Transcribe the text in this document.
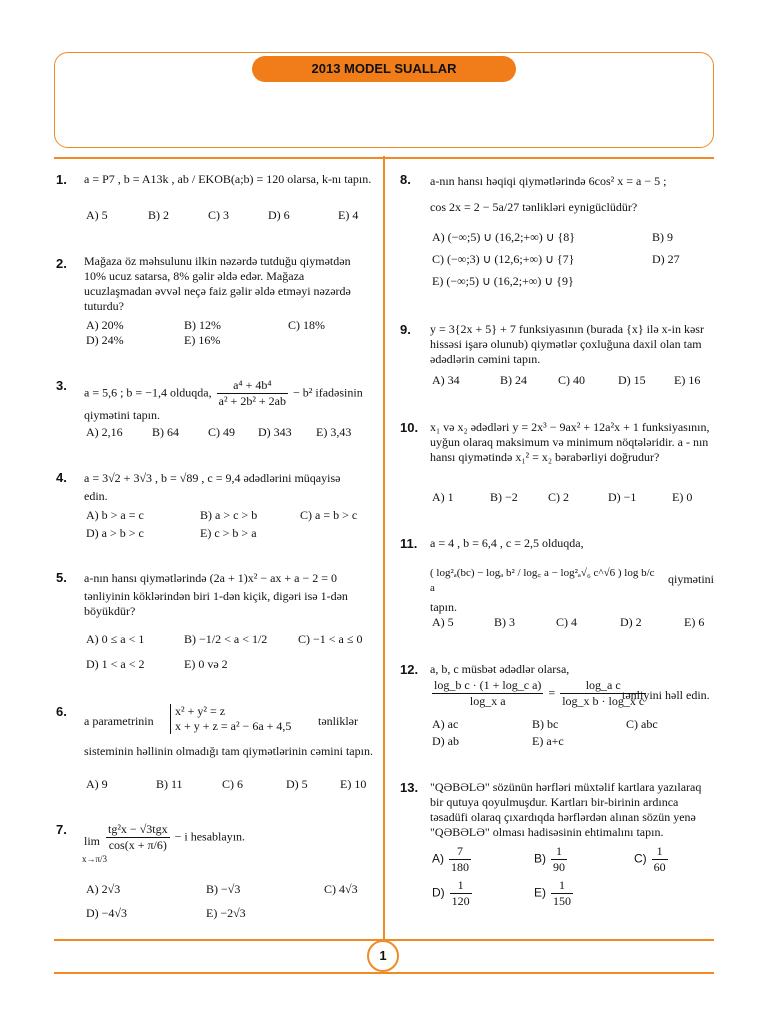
2013 MODEL SUALLAR
1
1. a = P7 , b = A13k , ab / EKOB(a;b) = 120 olarsa, k-nı tapın.
A) 5	B) 2	C) 3	D) 6	E) 4
2. Mağaza öz məhsulunu ilkin nəzərdə tutduğu qiymətdən 10% ucuz satarsa, 8% gəlir əldə edər. Mağaza ucuzlaşmadan əvvəl neçə faiz gəlir əldə etməyi nəzərdə tuturdu?
A) 20%	B) 12%	C) 18%
D) 24%	E) 16%
3. a = 5,6 ; b = −1,4 olduqda, $\frac{\text{a⁴ + 4b⁴}}{\text{a² + 2b² + 2ab}} - b^2$ ifadəsinin
qiymətini tapın.
A) 2,16 B) 64 C) 49 D) 343 E) 3,43
4. a = 3√2 + 3√3 , b = √89 , c = 9,4 ədədlərini müqayisə
edin.
A) b > a = c	B) a > c > b	C) a = b > c
D) a > b > c	E) c > b > a
5. a-nın hansı qiymətlərində (2a + 1)x² − ax + a − 2 = 0
tənliyinin köklərindən biri 1-dən kiçik, digəri isə 1-dən böyükdür?
A) 0 ≤ a < 1	B) −1/2 < a < 1/2	C) −1 < a ≤ 0
D) 1 < a < 2	E) 0 və 2
6.
a parametrinin
x² + y² = z
x + y + z = a² − 6a + 4,5 tənliklər
sisteminin həllinin olmadığı tam qiymətlərinin cəmini tapın.
A) 9	B) 11	C) 6	D) 5	E) 10
7.
lim
x→π/3
$\frac{\text{tg²x − √3tgx}}{\cos(x + \pi/6)} - i$ hesablayın.
A) 2√3	B) −√3	C) 4√3
D) −4√3	E) −2√3
8. a-nın hansı həqiqi qiymətlərində 6cos² x = a − 5 ;
cos 2x = 2 − 5a/27 tənlikləri eynigüclüdür?
A) (−∞;5) ∪ (16,2;+∞) ∪ {8}	B) 9
C) (−∞;3) ∪ (12,6;+∞) ∪ {7}	D) 27
E) (−∞;5) ∪ (16,2;+∞) ∪ {9}
9. y = 3{2x + 5} + 7 funksiyasının (burada {x} ilə x-in kəsr hissəsi işarə olunub) qiymətlər çoxluğuna daxil olan tam ədədlərin cəmini tapın.
A) 34	B) 24	C) 40	D) 15 E) 16
10. x₁ və x₂ ədədləri y = 2x³ − 9ax² + 12a²x + 1 funksiyasının, uyğun olaraq maksimum və minimum nöqtələridir. a - nın hansı qiymətində x₁² = x₂ bərabərliyi doğrudur?
A) 1	B) −2	C) 2	D) −1	E) 0
11. a = 4 , b = 6,4 , c = 2,5 olduqda,
( log²ₐ(bc) − logₐ b² / log꜀ a − log²ₐ√₆ c^√6 ) log b/c a
qiymətini
tapın.
A) 5	B) 3	C) 4	D) 2	E) 6
12. a, b, c müsbət ədədlər olarsa,
$\frac{\text{log\_b c · (1 + log\_c a)}}{\text{log\_x a}} = \frac{\text{log\_a c}}{\text{log\_x b · log\_x c}}$
tənliyini həll edin.
A) ac	B) bc	C) abc
D) ab	E) a+c
13. "QƏBƏLƏ" sözünün hərfləri müxtəlif kartlara yazılaraq bir qutuya qoyulmuşdur. Kartları bir-birinin ardınca təsadüfi olaraq çıxardıqda hərflərdən alınan sözün yenə "QƏBƏLƏ" olması hadisəsinin ehtimalını tapın.
$A) \frac{7}{180}$	$B) \frac{1}{90}$	$C) \frac{1}{60}$
$D) \frac{1}{120}$	$E) \frac{1}{150}$
